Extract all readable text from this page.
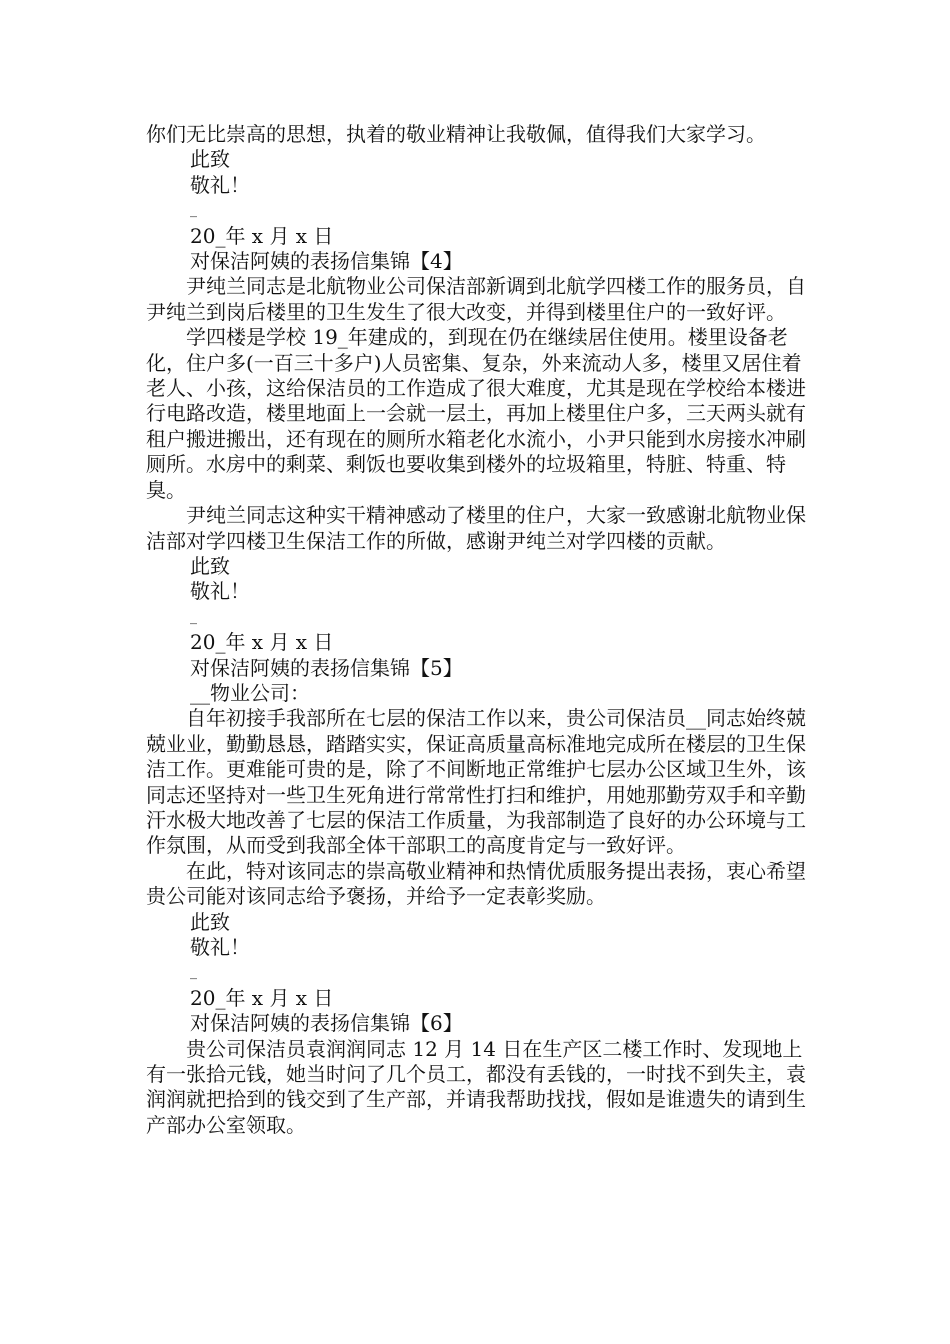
你们无比崇高的思想，执着的敬业精神让我敬佩，值得我们大家学习。

此致

敬礼！

_

20_年 x 月 x 日

对保洁阿姨的表扬信集锦【4】

尹纯兰同志是北航物业公司保洁部新调到北航学四楼工作的服务员，自尹纯兰到岗后楼里的卫生发生了很大改变，并得到楼里住户的一致好评。

学四楼是学校 19_年建成的，到现在仍在继续居住使用。楼里设备老化，住户多(一百三十多户)人员密集、复杂，外来流动人多，楼里又居住着老人、小孩，这给保洁员的工作造成了很大难度，尤其是现在学校给本楼进行电路改造，楼里地面上一会就一层土，再加上楼里住户多，三天两头就有租户搬进搬出，还有现在的厕所水箱老化水流小，小尹只能到水房接水冲刷厕所。水房中的剩菜、剩饭也要收集到楼外的垃圾箱里，特脏、特重、特臭。

尹纯兰同志这种实干精神感动了楼里的住户，大家一致感谢北航物业保洁部对学四楼卫生保洁工作的所做，感谢尹纯兰对学四楼的贡献。

此致

敬礼！

_

20_年 x 月 x 日

对保洁阿姨的表扬信集锦【5】

__物业公司：

自年初接手我部所在七层的保洁工作以来，贵公司保洁员__同志始终兢兢业业，勤勤恳恳，踏踏实实，保证高质量高标准地完成所在楼层的卫生保洁工作。更难能可贵的是，除了不间断地正常维护七层办公区域卫生外，该同志还坚持对一些卫生死角进行常常性打扫和维护，用她那勤劳双手和辛勤汗水极大地改善了七层的保洁工作质量，为我部制造了良好的办公环境与工作氛围，从而受到我部全体干部职工的高度肯定与一致好评。

在此，特对该同志的崇高敬业精神和热情优质服务提出表扬，衷心希望贵公司能对该同志给予褒扬，并给予一定表彰奖励。

此致

敬礼！

_

20_年 x 月 x 日

对保洁阿姨的表扬信集锦【6】

贵公司保洁员袁润润同志 12 月 14 日在生产区二楼工作时、发现地上有一张拾元钱，她当时问了几个员工，都没有丢钱的，一时找不到失主，袁润润就把拾到的钱交到了生产部，并请我帮助找找，假如是谁遗失的请到生产部办公室领取。
